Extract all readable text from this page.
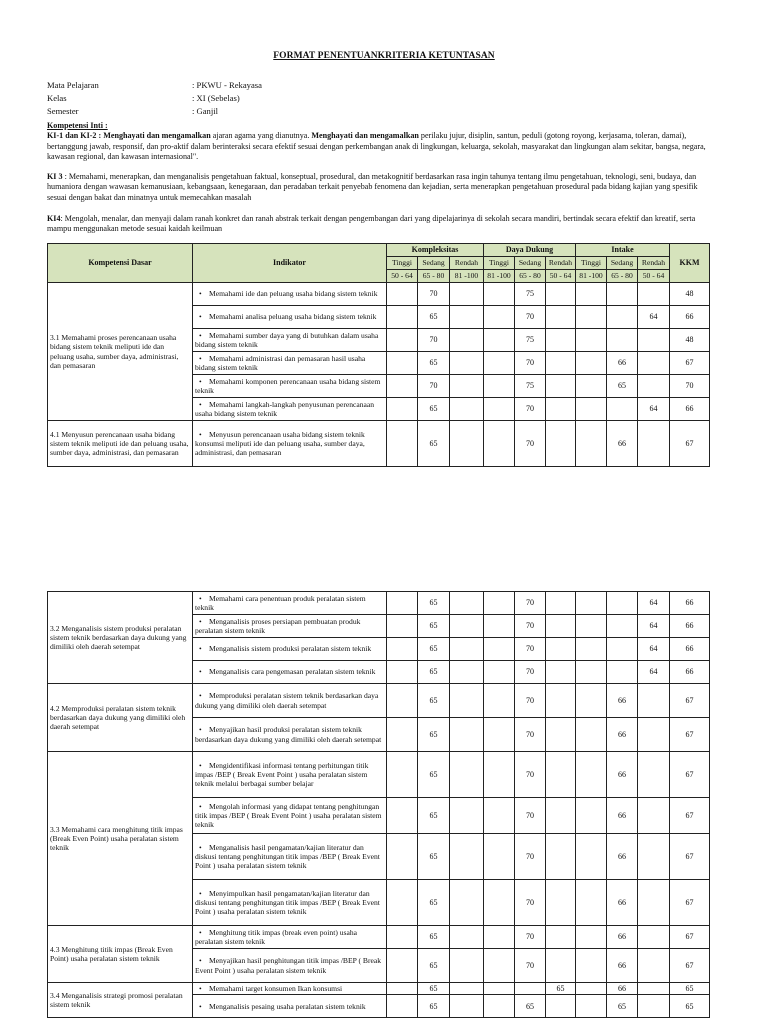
FORMAT PENENTUANKRITERIA KETUNTASAN
Mata Pelajaran	: PKWU - Rekayasa
Kelas	: XI (Sebelas)
Semester	: Ganjil
Kompetensi Inti :
KI-1 dan KI-2 : Menghayati dan mengamalkan ajaran agama yang dianutnya. Menghayati dan mengamalkan perilaku jujur, disiplin, santun, peduli (gotong royong, kerjasama, toleran, damai), bertanggung jawab, responsif, dan pro-aktif dalam berinteraksi secara efektif sesuai dengan perkembangan anak di lingkungan, keluarga, sekolah, masyarakat dan lingkungan alam sekitar, bangsa, negara, kawasan regional, dan kawasan internasional".
KI 3 : Memahami, menerapkan, dan menganalisis pengetahuan faktual, konseptual, prosedural, dan metakognitif berdasarkan rasa ingin tahunya tentang ilmu pengetahuan, teknologi, seni, budaya, dan humaniora dengan wawasan kemanusiaan, kebangsaan, kenegaraan, dan peradaban terkait penyebab fenomena dan kejadian, serta menerapkan pengetahuan prosedural pada bidang kajian yang spesifik sesuai dengan bakat dan minatnya untuk memecahkan masalah
KI4: Mengolah, menalar, dan menyaji dalam ranah konkret dan ranah abstrak terkait dengan pengembangan dari yang dipelajarinya di sekolah secara mandiri, bertindak secara efektif dan kreatif, serta mampu menggunakan metode sesuai kaidah keilmuan
Kompetensi Dasar	Indikator	Kompleksitas			Daya Dukung			Intake			KKM
		Tinggi	Sedang	Rendah	Tinggi	Sedang	Rendah	Tinggi	Sedang	Rendah	
		50 - 64	65 - 80	81 -100	81 -100	65 - 80	50 - 64	81 -100	65 - 80	50 - 64	
3.1 Memahami proses perencanaan usaha bidang sistem teknik meliputi ide dan peluang usaha, sumber daya, administrasi, dan pemasaran	• Memahami ide dan peluang usaha bidang sistem teknik		70			75					48
	• Memahami analisa peluang usaha bidang sistem teknik		65			70				64	66
	• Memahami sumber daya yang di butuhkan dalam usaha bidang sistem teknik		70			75					48
	• Memahami administrasi dan pemasaran hasil usaha bidang sistem teknik		65			70			66		67
	• Memahami komponen perencanaan usaha bidang sistem teknik		70			75			65		70
	• Memahami langkah-langkah penyusunan perencanaan usaha bidang sistem teknik		65			70				64	66
4.1 Menyusun perencanaan usaha bidang sistem teknik meliputi ide dan peluang usaha, sumber daya, administrasi, dan pemasaran	• Menyusun perencanaan usaha bidang sistem teknik konsumsi meliputi ide dan peluang usaha, sumber daya, administrasi, dan pemasaran		65			70			66		67
3.2 Menganalisis sistem produksi peralatan sistem teknik berdasarkan daya dukung yang dimiliki oleh daerah setempat	• Memahami cara penentuan produk peralatan sistem teknik		65			70				64	66
	• Menganalisis proses persiapan pembuatan produk peralatan sistem teknik		65			70				64	66
	• Menganalisis sistem produksi peralatan sistem teknik		65			70				64	66
	• Menganalisis cara pengemasan peralatan sistem teknik		65			70				64	66
4.2 Memproduksi peralatan sistem teknik berdasarkan daya dukung yang dimiliki oleh daerah setempat	• Memproduksi peralatan sistem teknik berdasarkan daya dukung yang dimiliki oleh daerah setempat		65			70			66		67
	• Menyajikan hasil produksi peralatan sistem teknik berdasarkan daya dukung yang dimiliki oleh daerah setempat		65			70			66		67
3.3 Memahami cara menghitung titik impas (Break Even Point) usaha peralatan sistem teknik	• Mengidentifikasi informasi tentang perhitungan titik impas /BEP ( Break Event Point ) usaha peralatan sistem teknik melalui berbagai sumber belajar		65			70			66		67
	• Mengolah informasi yang didapat tentang penghitungan titik impas /BEP ( Break Event Point ) usaha peralatan sistem teknik		65			70			66		67
	• Menganalisis hasil pengamatan/kajian literatur dan diskusi tentang penghitungan titik impas /BEP ( Break Event Point ) usaha peralatan sistem teknik		65			70			66		67
	• Menyimpulkan hasil pengamatan/kajian literatur dan diskusi tentang penghitungan titik impas /BEP ( Break Event Point ) usaha peralatan sistem teknik		65			70			66		67
4.3 Menghitung titik impas (Break Even Point) usaha peralatan sistem teknik	• Menghitung titik impas (break even point) usaha peralatan sistem teknik		65			70			66		67
	• Menyajikan hasil penghitungan titik impas /BEP ( Break Event Point ) usaha peralatan sistem teknik		65			70			66		67
3.4 Menganalisis strategi promosi peralatan sistem teknik	• Memahami target konsumen Ikan konsumsi		65				65		66		65
	• Menganalisis pesaing usaha peralatan sistem teknik		65			65			65		65
